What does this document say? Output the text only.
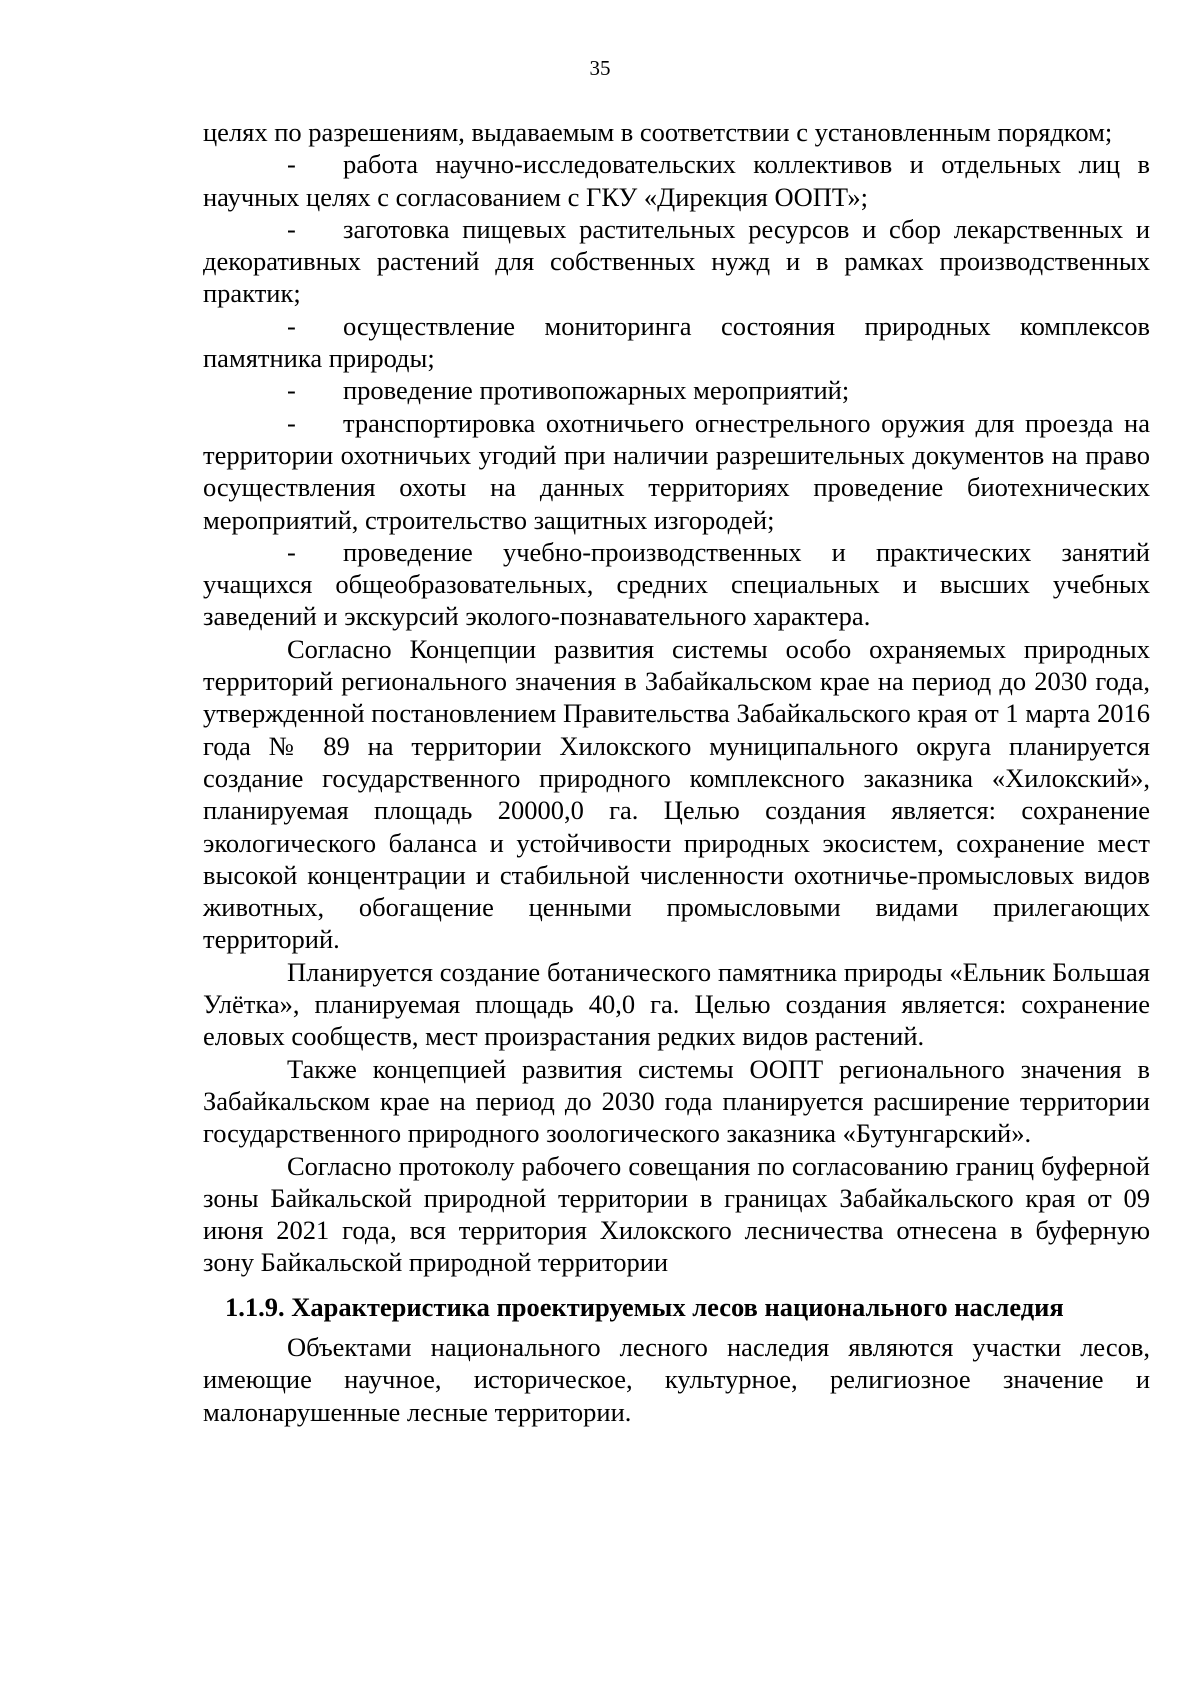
35

целях по разрешениям, выдаваемым в соответствии с установленным порядком;

- работа научно-исследовательских коллективов и отдельных лиц в научных целях с согласованием с ГКУ «Дирекция ООПТ»;

- заготовка пищевых растительных ресурсов и сбор лекарственных и декоративных растений для собственных нужд и в рамках производственных практик;

- осуществление мониторинга состояния природных комплексов памятника природы;

- проведение противопожарных мероприятий;

- транспортировка охотничьего огнестрельного оружия для проезда на территории охотничьих угодий при наличии разрешительных документов на право осуществления охоты на данных территориях проведение биотехнических мероприятий, строительство защитных изгородей;

- проведение учебно-производственных и практических занятий учащихся общеобразовательных, средних специальных и высших учебных заведений и экскурсий эколого-познавательного характера.

Согласно Концепции развития системы особо охраняемых природных территорий регионального значения в Забайкальском крае на период до 2030 года, утвержденной постановлением Правительства Забайкальского края от 1 марта 2016 года № 89 на территории Хилокского муниципального округа планируется создание государственного природного комплексного заказника «Хилокский», планируемая площадь 20000,0 га. Целью создания является: сохранение экологического баланса и устойчивости природных экосистем, сохранение мест высокой концентрации и стабильной численности охотничье-промысловых видов животных, обогащение ценными промысловыми видами прилегающих территорий.

Планируется создание ботанического памятника природы «Ельник Большая Улётка», планируемая площадь 40,0 га. Целью создания является: сохранение еловых сообществ, мест произрастания редких видов растений.

Также концепцией развития системы ООПТ регионального значения в Забайкальском крае на период до 2030 года планируется расширение территории государственного природного зоологического заказника «Бутунгарский».

Согласно протоколу рабочего совещания по согласованию границ буферной зоны Байкальской природной территории в границах Забайкальского края от 09 июня 2021 года, вся территория Хилокского лесничества отнесена в буферную зону Байкальской природной территории

1.1.9. Характеристика проектируемых лесов национального наследия

Объектами национального лесного наследия являются участки лесов, имеющие научное, историческое, культурное, религиозное значение и малонарушенные лесные территории.
